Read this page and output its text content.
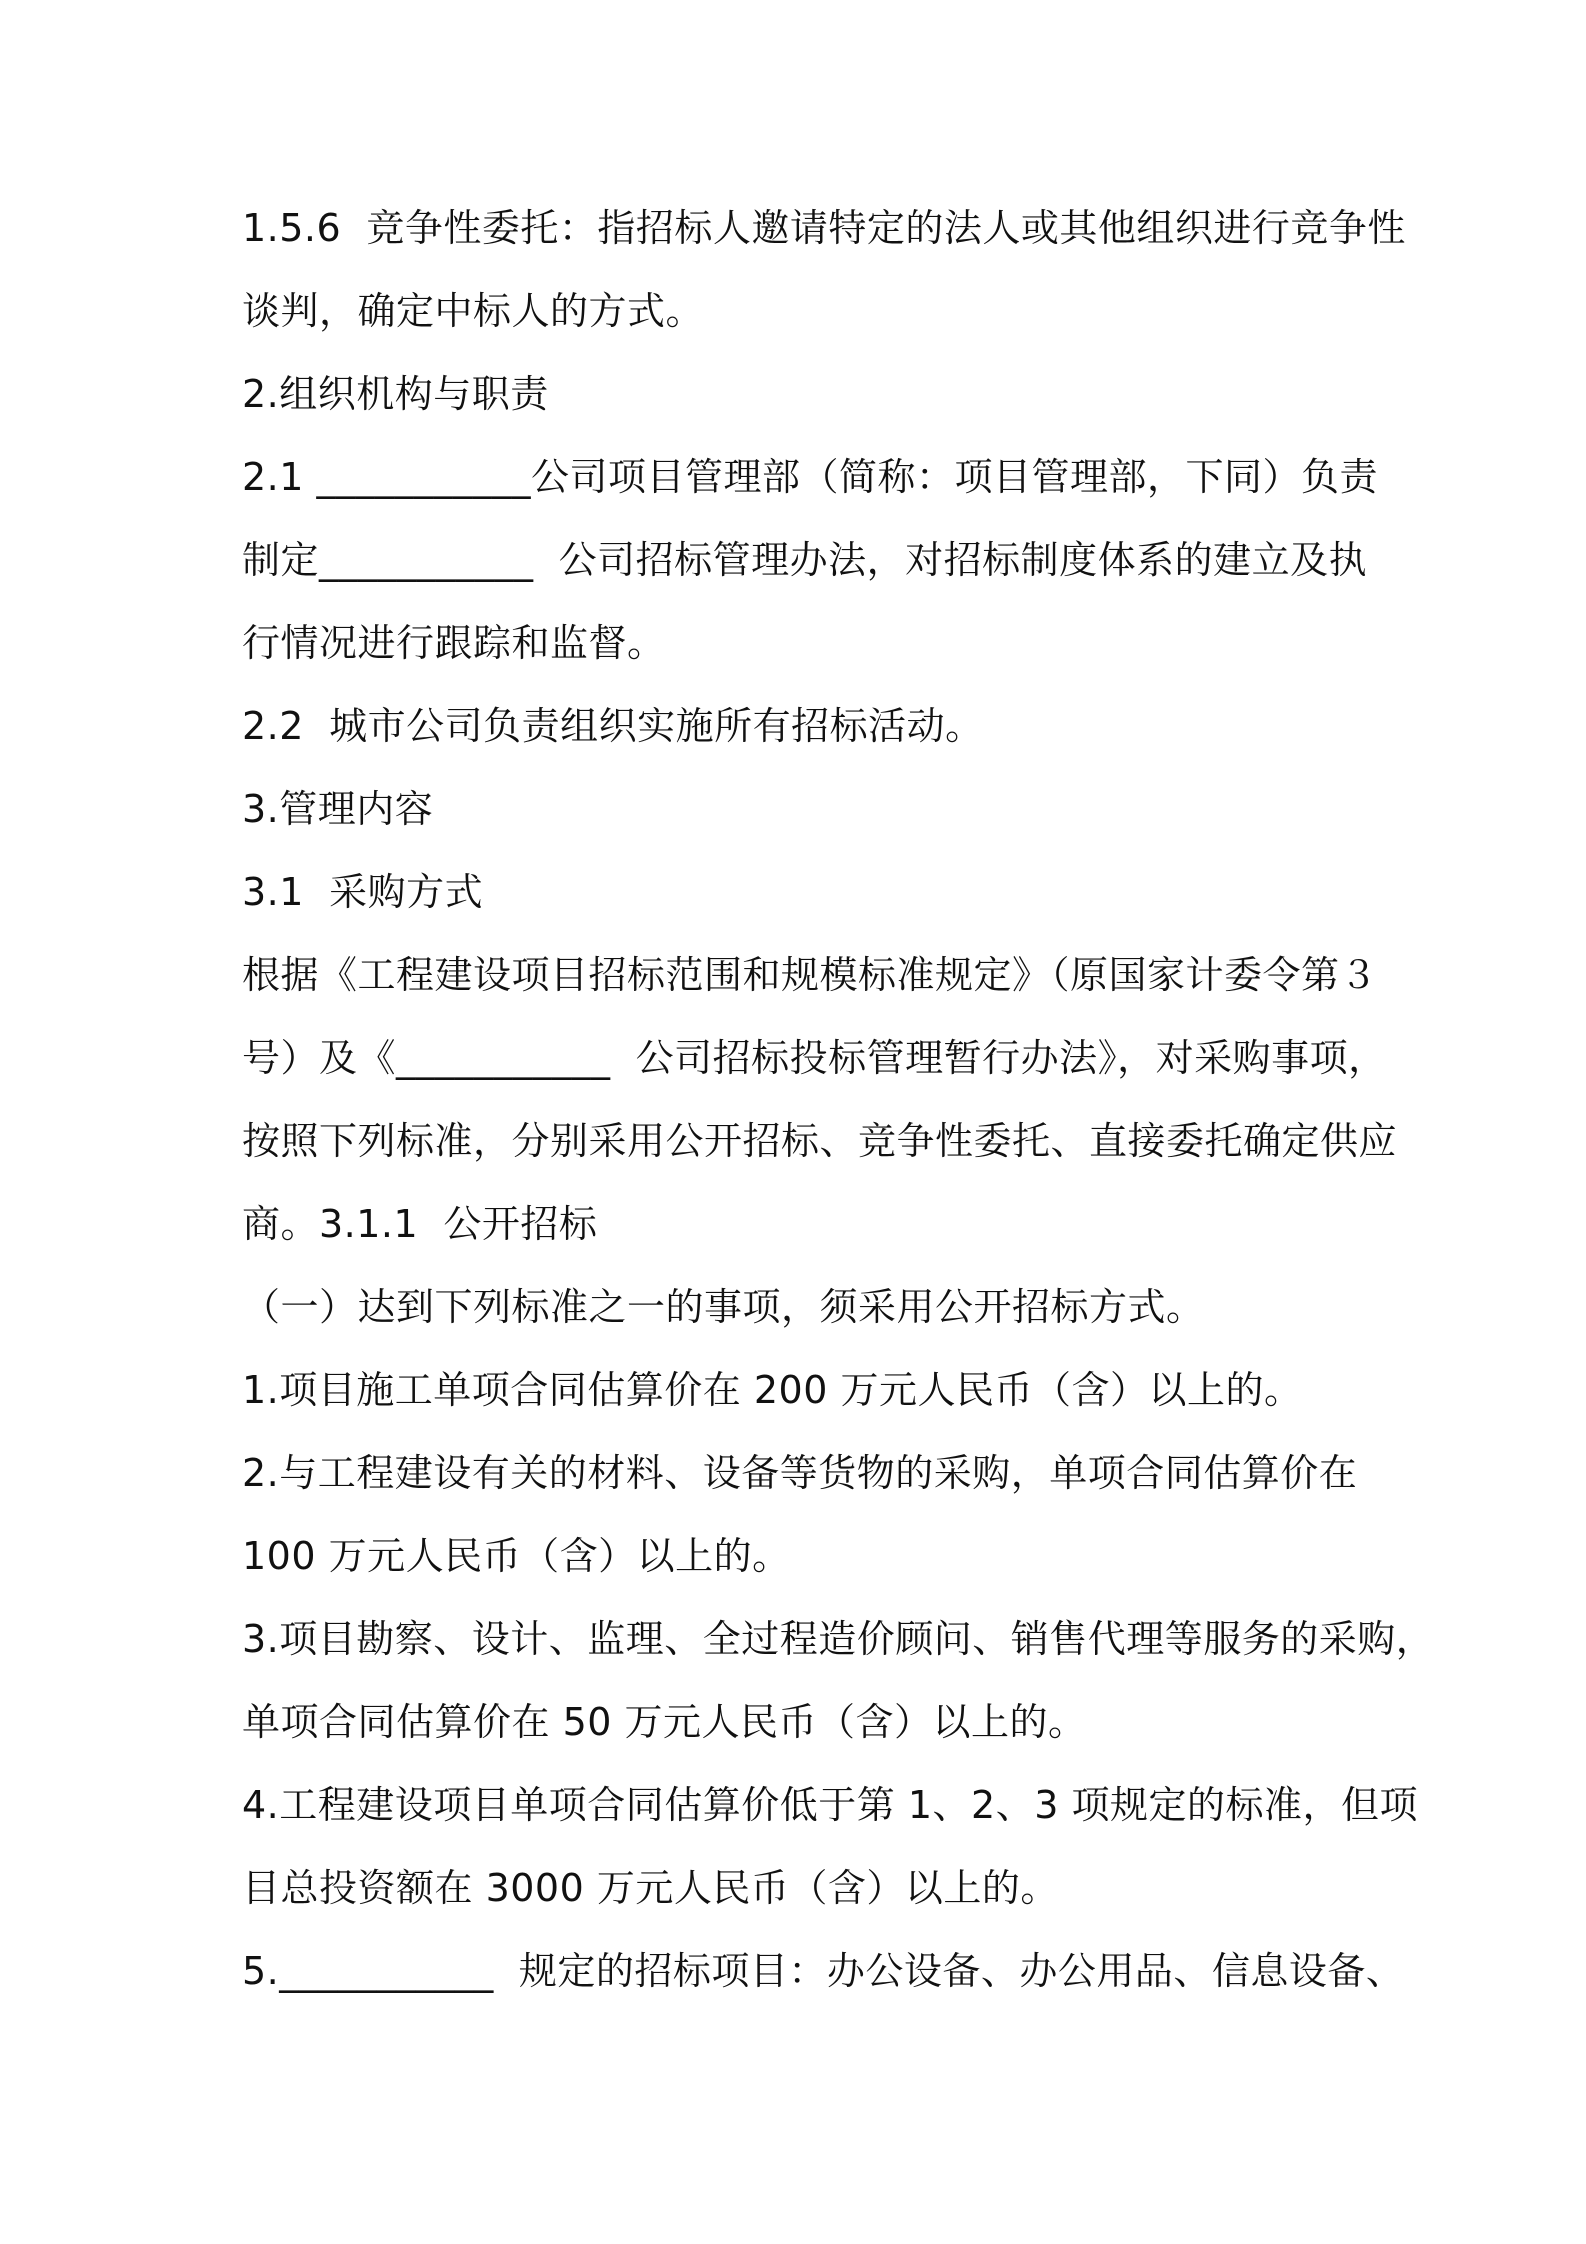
1.5.6  竞争性委托：指招标人邀请特定的法人或其他组织进行竞争性
谈判，确定中标人的方式。
2.组织机构与职责
2.1 ___________公司项目管理部（简称：项目管理部，下同）负责
制定___________  公司招标管理办法，对招标制度体系的建立及执
行情况进行跟踪和监督。
2.2  城市公司负责组织实施所有招标活动。
3.管理内容
3.1  采购方式
根据《工程建设项目招标范围和规模标准规定》（原国家计委令第３
号）及《___________  公司招标投标管理暂行办法》，对采购事项，
按照下列标准，分别采用公开招标、竞争性委托、直接委托确定供应
商。3.1.1  公开招标
（一）达到下列标准之一的事项，须采用公开招标方式。
1.项目施工单项合同估算价在 200 万元人民币（含）以上的。
2.与工程建设有关的材料、设备等货物的采购，单项合同估算价在
100 万元人民币（含）以上的。
3.项目勘察、设计、监理、全过程造价顾问、销售代理等服务的采购，
单项合同估算价在 50 万元人民币（含）以上的。
4.工程建设项目单项合同估算价低于第 1、2、3 项规定的标准，但项
目总投资额在 3000 万元人民币（含）以上的。
5.___________  规定的招标项目：办公设备、办公用品、信息设备、
